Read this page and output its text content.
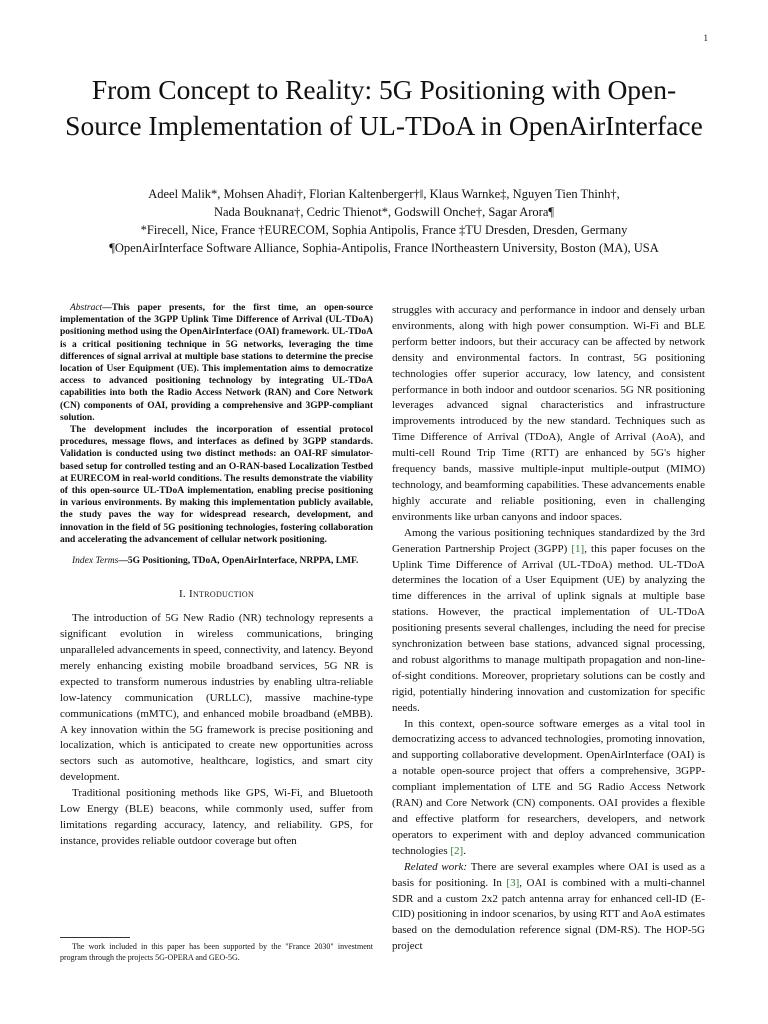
1
From Concept to Reality: 5G Positioning with Open-Source Implementation of UL-TDoA in OpenAirInterface
Adeel Malik*, Mohsen Ahadi†, Florian Kaltenberger†‖, Klaus Warnke‡, Nguyen Tien Thinh†,
Nada Bouknana†, Cedric Thienot*, Godswill Onche†, Sagar Arora¶
*Firecell, Nice, France †EURECOM, Sophia Antipolis, France ‡TU Dresden, Dresden, Germany
¶OpenAirInterface Software Alliance, Sophia-Antipolis, France ‖Northeastern University, Boston (MA), USA

Abstract—This paper presents, for the first time, an open-source implementation of the 3GPP Uplink Time Difference of Arrival (UL-TDoA) positioning method using the OpenAirInterface (OAI) framework. UL-TDoA is a critical positioning technique in 5G networks, leveraging the time differences of signal arrival at multiple base stations to determine the precise location of User Equipment (UE). This implementation aims to democratize access to advanced positioning technology by integrating UL-TDoA capabilities into both the Radio Access Network (RAN) and Core Network (CN) components of OAI, providing a comprehensive and 3GPP-compliant solution.

The development includes the incorporation of essential protocol procedures, message flows, and interfaces as defined by 3GPP standards. Validation is conducted using two distinct methods: an OAI-RF simulator-based setup for controlled testing and an O-RAN-based Localization Testbed at EURECOM in real-world conditions. The results demonstrate the viability of this open-source UL-TDoA implementation, enabling precise positioning in various environments. By making this implementation publicly available, the study paves the way for widespread research, development, and innovation in the field of 5G positioning technologies, fostering collaboration and accelerating the advancement of cellular network positioning.

Index Terms—5G Positioning, TDoA, OpenAirInterface, NRPPA, LMF.

I. Introduction

The introduction of 5G New Radio (NR) technology represents a significant evolution in wireless communications, bringing unparalleled advancements in speed, connectivity, and latency. Beyond merely enhancing existing mobile broadband services, 5G NR is expected to transform numerous industries by enabling ultra-reliable low-latency communication (URLLC), massive machine-type communications (mMTC), and enhanced mobile broadband (eMBB). A key innovation within the 5G framework is precise positioning and localization, which is anticipated to create new opportunities across sectors such as automotive, healthcare, logistics, and smart city development.

Traditional positioning methods like GPS, Wi-Fi, and Bluetooth Low Energy (BLE) beacons, while commonly used, suffer from limitations regarding accuracy, latency, and reliability. GPS, for instance, provides reliable outdoor coverage but often

struggles with accuracy and performance in indoor and densely urban environments, along with high power consumption. Wi-Fi and BLE perform better indoors, but their accuracy can be affected by network density and environmental factors. In contrast, 5G positioning technologies offer superior accuracy, low latency, and consistent performance in both indoor and outdoor scenarios. 5G NR positioning leverages advanced signal characteristics and infrastructure improvements introduced by the new standard. Techniques such as Time Difference of Arrival (TDoA), Angle of Arrival (AoA), and multi-cell Round Trip Time (RTT) are enhanced by 5G's higher frequency bands, massive multiple-input multiple-output (MIMO) technology, and beamforming capabilities. These advancements enable highly accurate and reliable positioning, even in challenging environments like urban canyons and indoor spaces.

Among the various positioning techniques standardized by the 3rd Generation Partnership Project (3GPP) [1], this paper focuses on the Uplink Time Difference of Arrival (UL-TDoA) method. UL-TDoA determines the location of a User Equipment (UE) by analyzing the time differences in the arrival of uplink signals at multiple base stations. However, the practical implementation of UL-TDoA positioning presents several challenges, including the need for precise synchronization between base stations, advanced signal processing, and robust algorithms to manage multipath propagation and non-line-of-sight conditions. Moreover, proprietary solutions can be costly and rigid, potentially hindering innovation and customization for specific needs.

In this context, open-source software emerges as a vital tool in democratizing access to advanced technologies, promoting innovation, and supporting collaborative development. OpenAirInterface (OAI) is a notable open-source project that offers a comprehensive, 3GPP-compliant implementation of LTE and 5G Radio Access Network (RAN) and Core Network (CN) components. OAI provides a flexible and effective platform for researchers, developers, and network operators to experiment with and deploy advanced communication technologies [2].

Related work: There are several examples where OAI is used as a basis for positioning. In [3], OAI is combined with a multi-channel SDR and a custom 2x2 patch antenna array for enhanced cell-ID (E-CID) positioning in indoor scenarios, by using RTT and AoA estimates based on the demodulation reference signal (DM-RS). The HOP-5G project

The work included in this paper has been supported by the "France 2030" investment program through the projects 5G-OPERA and GEO-5G.
